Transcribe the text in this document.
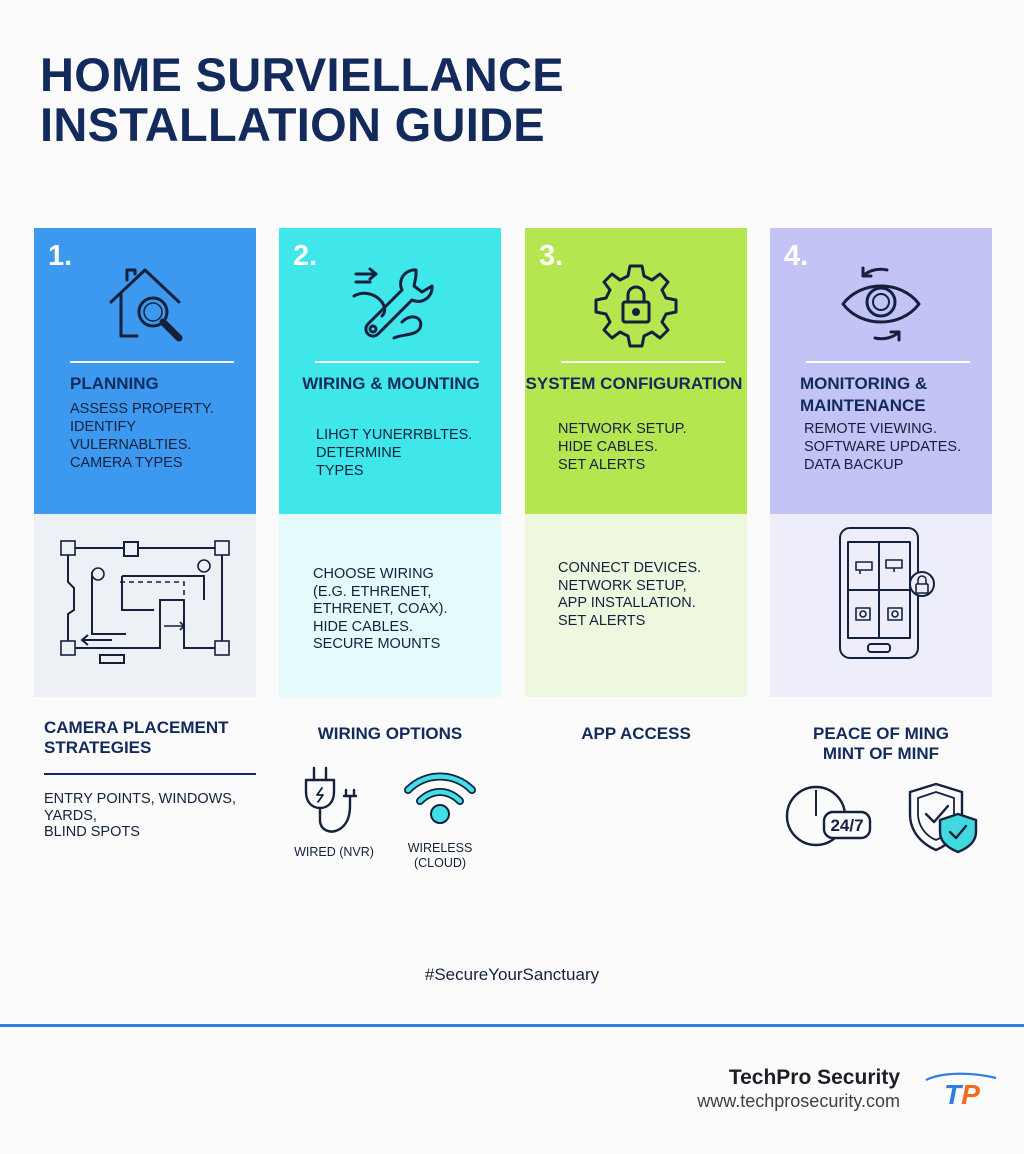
HOME SURVIELLANCE
INSTALLATION GUIDE
1.
PLANNING
ASSESS PROPERTY.
IDENTIFY
VULERNABLTIES.
CAMERA TYPES
2.
WIRING & MOUNTING
LIHGT YUNERRBLTES.
DETERMINE
TYPES
CHOOSE WIRING
(E.G. ETHRENET,
ETHRENET, COAX).
HIDE CABLES.
SECURE MOUNTS
3.
SYSTEM CONFIGURATION
NETWORK SETUP.
HIDE CABLES.
SET ALERTS
CONNECT DEVICES.
NETWORK SETUP,
APP INSTALLATION.
SET ALERTS
4.
MONITORING & MAINTENANCE
REMOTE VIEWING.
SOFTWARE UPDATES.
DATA BACKUP
CAMERA PLACEMENT
STRATEGIES
ENTRY POINTS, WINDOWS,
YARDS,
BLIND SPOTS
WIRING OPTIONS
WIRED (NVR)	WIRELESS
(CLOUD)
APP ACCESS	PEACE OF MING
MINT OF MINF
24/7
#SecureYourSanctuary
TechPro Security
www.techprosecurity.com TP
